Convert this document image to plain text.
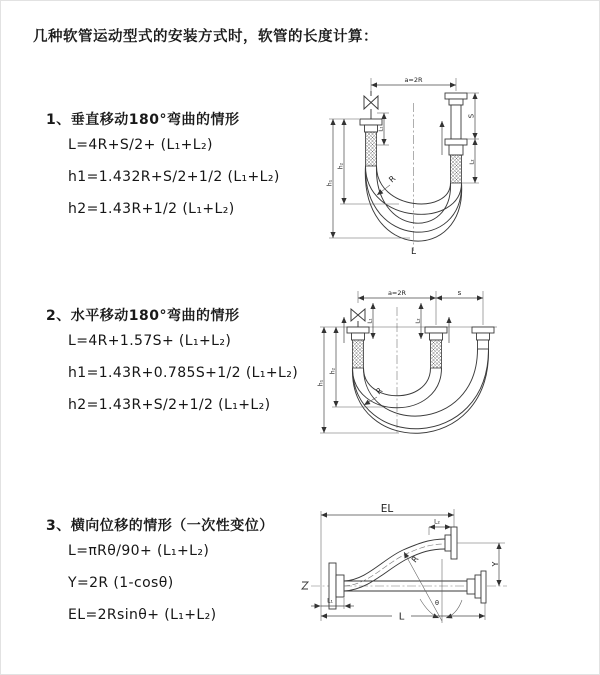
几种软管运动型式的安装方式时，软管的长度计算：
1、垂直移动180°弯曲的情形
L=4R+S/2+ (L₁+L₂)
h1=1.432R+S/2+1/2 (L₁+L₂)
h2=1.43R+1/2 (L₁+L₂)
2、水平移动180°弯曲的情形
L=4R+1.57S+ (L₁+L₂)
h1=1.43R+0.785S+1/2 (L₁+L₂)
h2=1.43R+S/2+1/2 (L₁+L₂)
3、横向位移的情形（一次性变位）
L=πRθ/90+ (L₁+L₂)
Y=2R (1-cosθ)
EL=2Rsinθ+ (L₁+L₂)
a=2R
S
L₂
h₁
h₂
L₁
R
L
a=2R	s
L₁	L₂
h₁
h₂
R
EL
L₂
Y
θ
R
L₁
L
